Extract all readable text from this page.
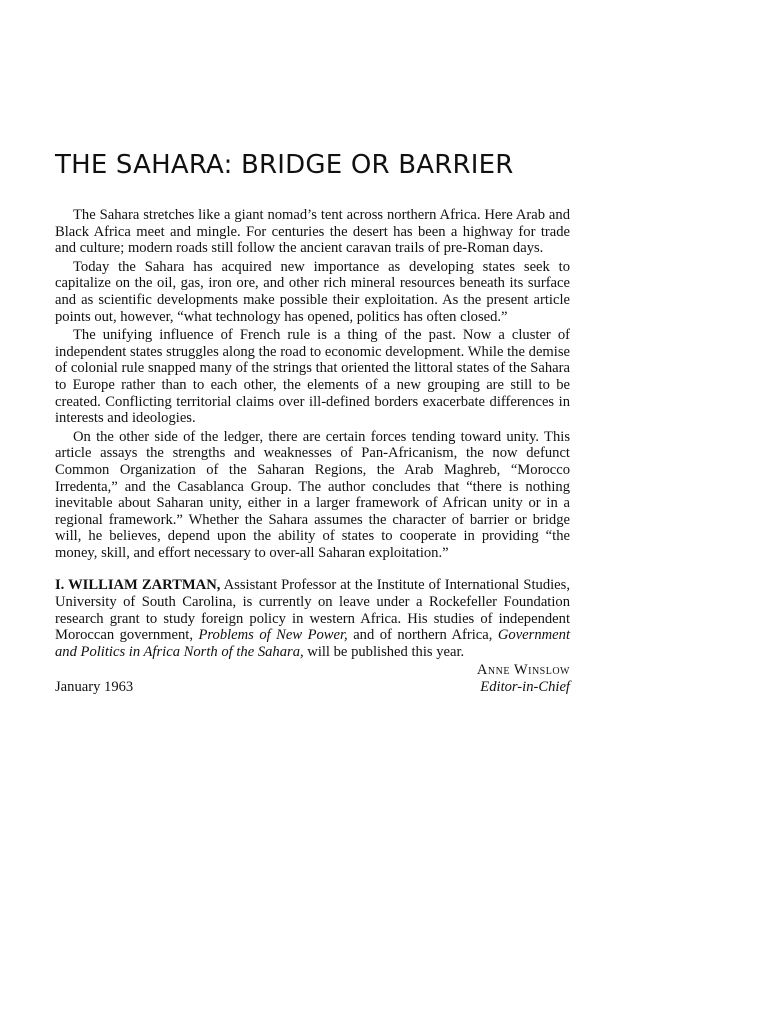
THE SAHARA: BRIDGE OR BARRIER

The Sahara stretches like a giant nomad’s tent across northern Africa. Here Arab and Black Africa meet and mingle. For centuries the desert has been a highway for trade and culture; modern roads still follow the ancient caravan trails of pre-Roman days.

Today the Sahara has acquired new importance as developing states seek to capitalize on the oil, gas, iron ore, and other rich mineral resources beneath its surface and as scientific developments make possible their exploitation. As the present article points out, however, “what technology has opened, politics has often closed.”

The unifying influence of French rule is a thing of the past. Now a cluster of independent states struggles along the road to economic development. While the demise of colonial rule snapped many of the strings that oriented the littoral states of the Sahara to Europe rather than to each other, the elements of a new grouping are still to be created. Conflicting territorial claims over ill-defined borders exacerbate differences in interests and ideologies.

On the other side of the ledger, there are certain forces tending toward unity. This article assays the strengths and weaknesses of Pan-Africanism, the now defunct Common Organization of the Saharan Regions, the Arab Maghreb, “Morocco Irredenta,” and the Casablanca Group. The author concludes that “there is nothing inevitable about Saharan unity, either in a larger framework of African unity or in a regional framework.” Whether the Sahara assumes the character of barrier or bridge will, he believes, depend upon the ability of states to cooperate in providing “the money, skill, and effort necessary to over-all Saharan exploitation.”

I. WILLIAM ZARTMAN, Assistant Professor at the Institute of International Studies, University of South Carolina, is currently on leave under a Rockefeller Foundation research grant to study foreign policy in western Africa. His studies of independent Moroccan government, Problems of New Power, and of northern Africa, Government and Politics in Africa North of the Sahara, will be published this year.

Anne Winslow
January 1963	Editor-in-Chief
